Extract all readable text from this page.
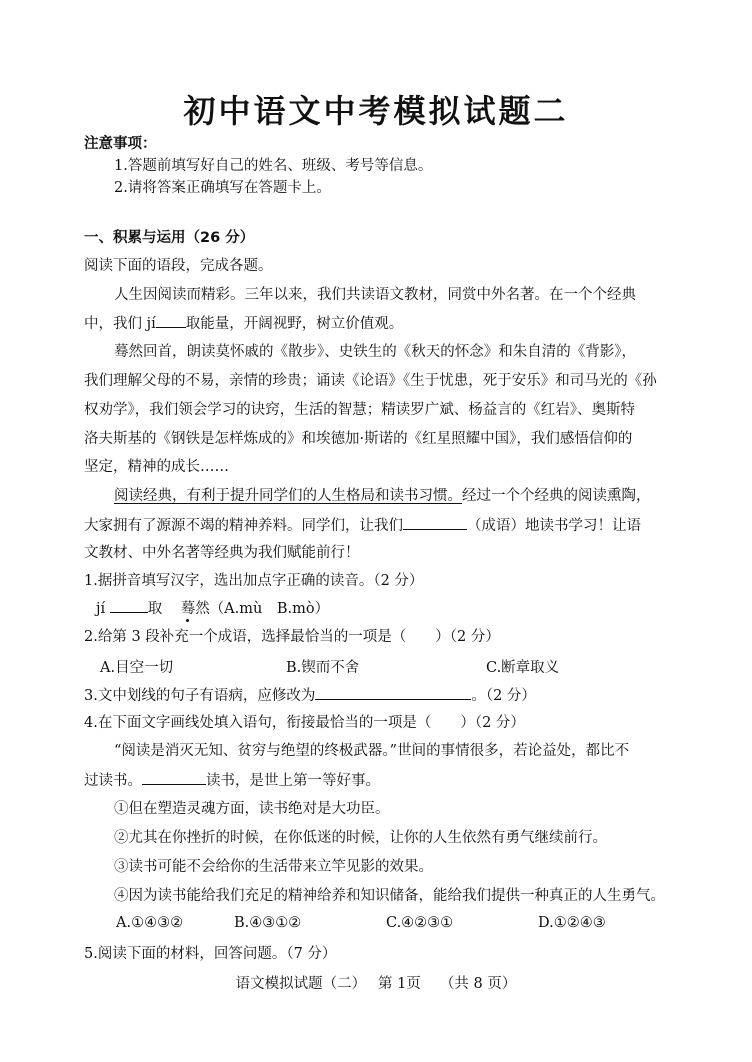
初中语文中考模拟试题二
注意事项：
1.答题前填写好自己的姓名、班级、考号等信息。
2.请将答案正确填写在答题卡上。
一、积累与运用（26 分）
阅读下面的语段，完成各题。
人生因阅读而精彩。三年以来，我们共读语文教材，同赏中外名著。在一个个经典
中，我们 jí 取能量，开阔视野，树立价值观。
蓦然回首，朗读莫怀戚的《散步》、史铁生的《秋天的怀念》和朱自清的《背影》，
我们理解父母的不易，亲情的珍贵；诵读《论语》《生于忧患，死于安乐》和司马光的《孙
权劝学》，我们领会学习的诀窍，生活的智慧；精读罗广斌、杨益言的《红岩》、奥斯特
洛夫斯基的《钢铁是怎样炼成的》和埃德加·斯诺的《红星照耀中国》，我们感悟信仰的
坚定，精神的成长……
阅读经典，有利于提升同学们的人生格局和读书习惯。经过一个个经典的阅读熏陶，
大家拥有了源源不竭的精神养料。同学们，让我们	（成语）地读书学习！让语
文教材、中外名著等经典为我们赋能前行！
1.据拼音填写汉字，选出加点字正确的读音。（2 分）
jí	取 蓦然（A.mù　B.mò）
2.给第 3 段补充一个成语，选择最恰当的一项是（　　）（2 分）
A.目空一切	B.锲而不舍	C.断章取义
3.文中划线的句子有语病，应修改为	。（2 分）
4.在下面文字画线处填入语句，衔接最恰当的一项是（　　）（2 分）
“阅读是消灭无知、贫穷与绝望的终极武器。”世间的事情很多，若论益处，都比不
过读书。	读书，是世上第一等好事。
①但在塑造灵魂方面，读书绝对是大功臣。
②尤其在你挫折的时候，在你低迷的时候，让你的人生依然有勇气继续前行。
③读书可能不会给你的生活带来立竿见影的效果。
④因为读书能给我们充足的精神给养和知识储备，能给我们提供一种真正的人生勇气。
A.①④③②	B.④③①②	C.④②③①	D.①②④③
5.阅读下面的材料，回答问题。（7 分）
语文模拟试题（二）　 第 1页　 （共 8 页）
